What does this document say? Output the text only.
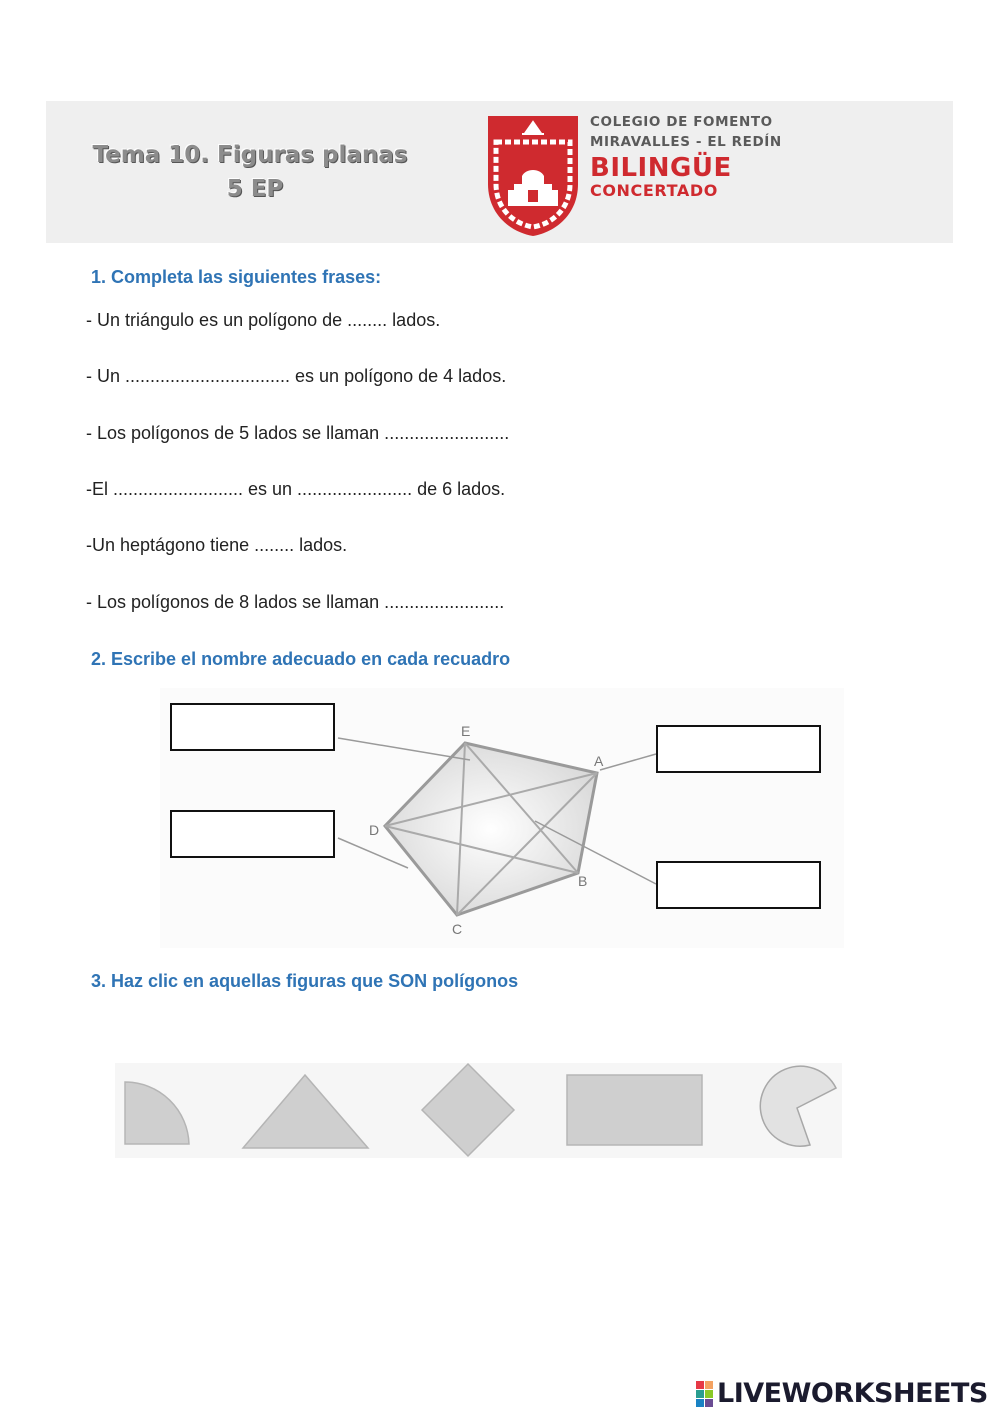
Tema 10. Figuras planas

5 EP
COLEGIO DE FOMENTO
MIRAVALLES - EL REDÍN
BILINGÜE
CONCERTADO
1. Completa las siguientes frases:
- Un triángulo es un polígono de ........ lados.
- Un ................................. es un polígono de 4 lados.
- Los polígonos de 5 lados se llaman .........................
-El .......................... es un ....................... de 6 lados.
-Un heptágono tiene ........ lados.
- Los polígonos de 8 lados se llaman ........................
2. Escribe el nombre adecuado en cada recuadro
E
A
D
B
C
3. Haz clic en aquellas figuras que SON polígonos
LIVEWORKSHEETS
